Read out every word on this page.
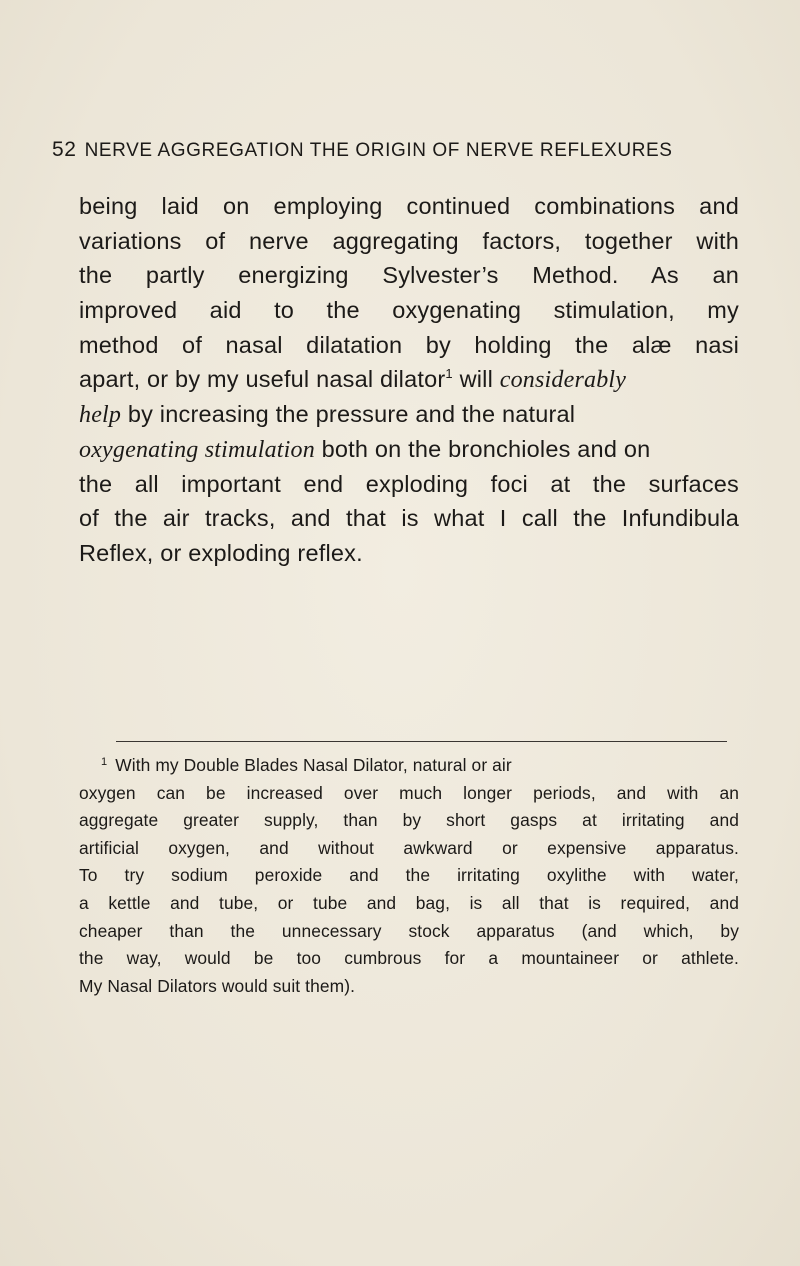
52 NERVE AGGREGATION THE ORIGIN OF NERVE REFLEXURES
being laid on employing continued combinations and
variations of nerve aggregating factors, together with
the partly energizing Sylvester’s Method. As an
improved aid to the oxygenating stimulation, my
method of nasal dilatation by holding the alæ nasi
apart, or by my useful nasal dilator$^1$ will considerably
help by increasing the pressure and the natural
oxygenating stimulation both on the bronchioles and on
the all important end exploding foci at the surfaces
of the air tracks, and that is what I call the Infundibula
Reflex, or exploding reflex.
$^1$ With my Double Blades Nasal Dilator, natural or air
oxygen can be increased over much longer periods, and with an
aggregate greater supply, than by short gasps at irritating and
artificial oxygen, and without awkward or expensive apparatus.
To try sodium peroxide and the irritating oxylithe with water,
a kettle and tube, or tube and bag, is all that is required, and
cheaper than the unnecessary stock apparatus (and which, by
the way, would be too cumbrous for a mountaineer or athlete.
My Nasal Dilators would suit them).
